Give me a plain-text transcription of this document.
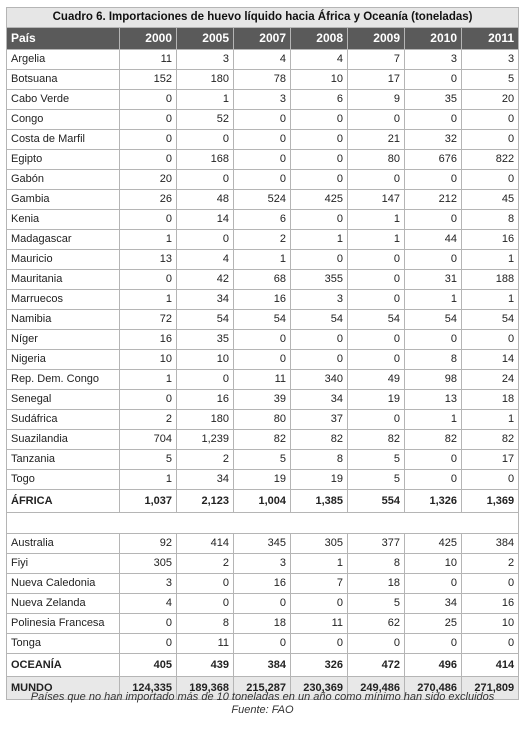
Cuadro 6. Importaciones de huevo líquido hacia África y Oceanía (toneladas)							
País	2000	2005	2007	2008	2009	2010	2011
Argelia	11	3	4	4	7	3	3
Botsuana	152	180	78	10	17	0	5
Cabo Verde	0	1	3	6	9	35	20
Congo	0	52	0	0	0	0	0
Costa de Marfil	0	0	0	0	21	32	0
Egipto	0	168	0	0	80	676	822
Gabón	20	0	0	0	0	0	0
Gambia	26	48	524	425	147	212	45
Kenia	0	14	6	0	1	0	8
Madagascar	1	0	2	1	1	44	16
Mauricio	13	4	1	0	0	0	1
Mauritania	0	42	68	355	0	31	188
Marruecos	1	34	16	3	0	1	1
Namibia	72	54	54	54	54	54	54
Níger	16	35	0	0	0	0	0
Nigeria	10	10	0	0	0	8	14
Rep. Dem. Congo	1	0	11	340	49	98	24
Senegal	0	16	39	34	19	13	18
Sudáfrica	2	180	80	37	0	1	1
Suazilandia	704	1,239	82	82	82	82	82
Tanzania	5	2	5	8	5	0	17
Togo	1	34	19	19	5	0	0
ÁFRICA	1,037	2,123	1,004	1,385	554	1,326	1,369

Australia	92	414	345	305	377	425	384
Fiyi	305	2	3	1	8	10	2
Nueva Caledonia	3	0	16	7	18	0	0
Nueva Zelanda	4	0	0	0	5	34	16
Polinesia Francesa	0	8	18	11	62	25	10
Tonga	0	11	0	0	0	0	0
OCEANÍA	405	439	384	326	472	496	414
MUNDO	124,335	189,368	215,287	230,369	249,486	270,486	271,809
Países que no han importado más de 10 toneladas en un año como mínimo han sido excluidos
Fuente: FAO
